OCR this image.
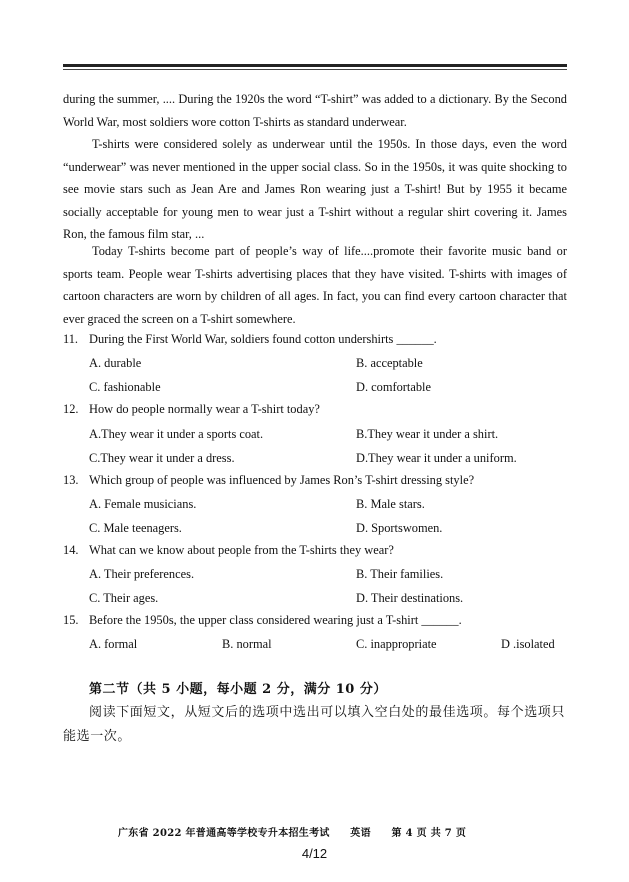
during the summer, .... During the 1920s the word “T-shirt” was added to a dictionary. By the Second World War, most soldiers wore cotton T-shirts as standard underwear.
T-shirts were considered solely as underwear until the 1950s. In those days, even the word “underwear” was never mentioned in the upper social class. So in the 1950s, it was quite shocking to see movie stars such as Jean Are and James Ron wearing just a T-shirt! But by 1955 it became socially acceptable for young men to wear just a T-shirt without a regular shirt covering it. James Ron, the famous film star, ...
Today T-shirts become part of people’s way of life....promote their favorite music band or sports team. People wear T-shirts advertising places that they have visited. T-shirts with images of cartoon characters are worn by children of all ages. In fact, you can find every cartoon character that ever graced the screen on a T-shirt somewhere.
11. During the First World War, soldiers found cotton undershirts ______.
A. durable	B. acceptable
C. fashionable	D. comfortable
12. How do people normally wear a T-shirt today?
A.They wear it under a sports coat.	B.They wear it under a shirt.
C.They wear it under a dress.	D.They wear it under a uniform.
13. Which group of people was influenced by James Ron’s T-shirt dressing style?
A. Female musicians.	B. Male stars.
C. Male teenagers.	D. Sportswomen.
14. What can we know about people from the T-shirts they wear?
A. Their preferences.	B. Their families.
C. Their ages.	D. Their destinations.
15. Before the 1950s, the upper class considered wearing just a T-shirt ______.
A. formal	B. normal	C. inappropriate	D .isolated
第二节（共 5 小题，每小题 2 分，满分 10 分）
阅读下面短文，从短文后的选项中选出可以填入空白处的最佳选项。每个选项只能选一次。
广东省 2022 年普通高等学校专升本招生考试　　英语　　第 4 页 共 7 页
4/12
